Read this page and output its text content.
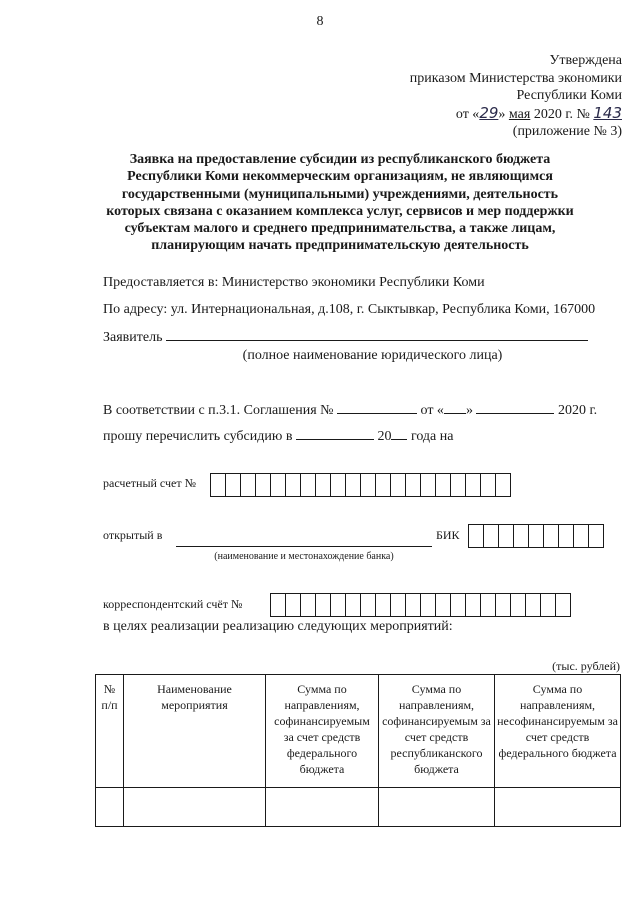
8
Утверждена
приказом Министерства экономики
Республики Коми
от «29» мая 2020 г. № 143
(приложение № 3)
Заявка на предоставление субсидии из республиканского бюджета
Республики Коми некоммерческим организациям, не являющимся
государственными (муниципальными) учреждениями, деятельность
которых связана с оказанием комплекса услуг, сервисов и мер поддержки
субъектам малого и среднего предпринимательства, а также лицам,
планирующим начать предпринимательскую деятельность
Предоставляется в: Министерство экономики Республики Коми
По адресу: ул. Интернациональная, д.108, г. Сыктывкар, Республика Коми, 167000
Заявитель
(полное наименование юридического лица)
В соответствии с п.3.1. Соглашения №	от « »	2020 г.
прошу перечислить субсидию в	20 года на
расчетный счет №
открытый в
(наименование и местонахождение банка)
БИК
корреспондентский счёт №
в целях реализации реализацию следующих мероприятий:
(тыс. рублей)
№ п/п	Наименование мероприятия	Сумма по направлениям, софинансируемым за счет средств федерального бюджета	Сумма по направлениям, софинансируемым за счет средств республиканского бюджета	Сумма по направлениям, несофинансируемым за счет средств федерального бюджета
